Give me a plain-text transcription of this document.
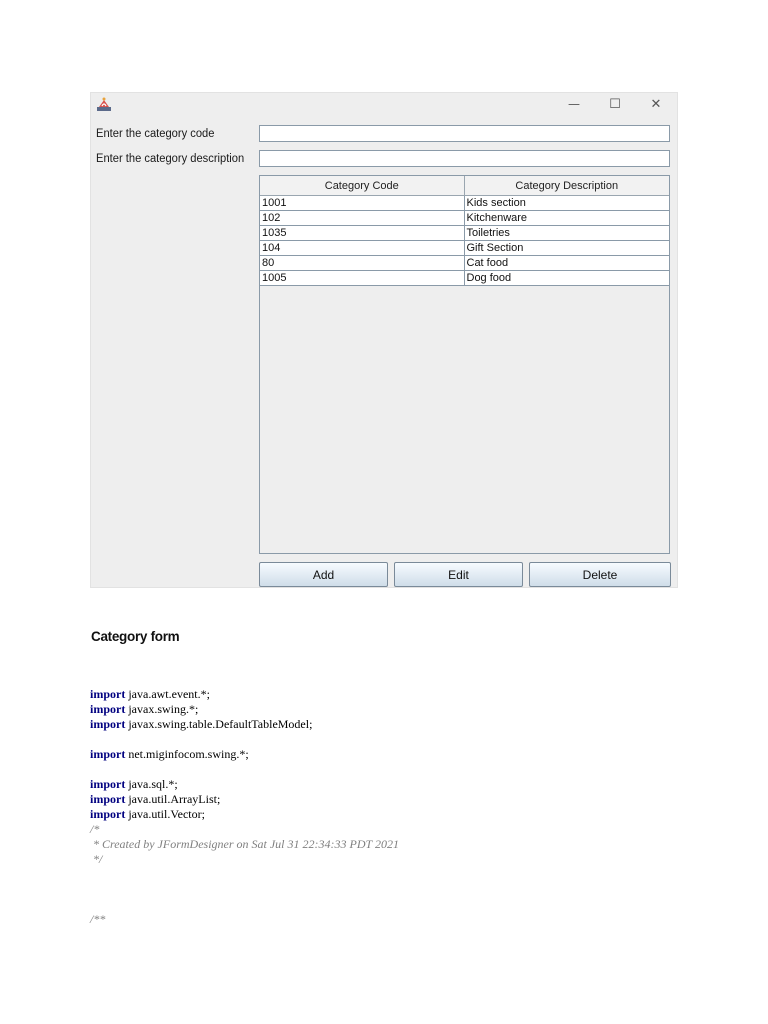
—	☐	✕
Enter the category code
Enter the category description
Category Code	Category Description
1001	Kids section
102	Kitchenware
1035	Toiletries
104	Gift Section
80	Cat food
1005	Dog food
Add	Edit	Delete
Category form
import java.awt.event.*;
import javax.swing.*;
import javax.swing.table.DefaultTableModel;
import net.miginfocom.swing.*;
import java.sql.*;
import java.util.ArrayList;
import java.util.Vector;
/*
* Created by JFormDesigner on Sat Jul 31 22:34:33 PDT 2021
*/
/**
